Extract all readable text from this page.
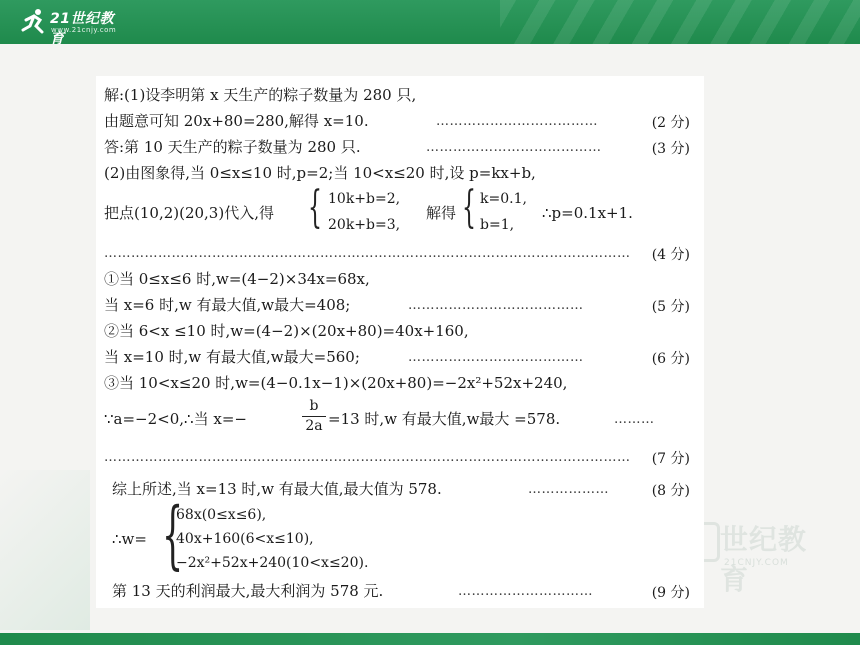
21世纪教育
www.21cnjy.com
世纪教育
21CNJY.COM
解:(1)设李明第 x 天生产的粽子数量为 280 只,
由题意可知 20x+80=280,解得 x=10.	………………………………	(2 分)
答:第 10 天生产的粽子数量为 280 只.	…………………………………	(3 分)
(2)由图象得,当 0≤x≤10 时,p=2;当 10<x≤20 时,设 p=kx+b,
把点(10,2)(20,3)代入,得 { 10k+b=2,
20k+b=3,
解得 { k=0.1,
b=1,
∴p=0.1x+1.
……………………………………………………………………………………………………… (4 分)
①当 0≤x≤6 时,w=(4−2)×34x=68x,
当 x=6 时,w 有最大值,w最大=408;	…………………………………	(5 分)
②当 6<x ≤10 时,w=(4−2)×(20x+80)=40x+160,
当 x=10 时,w 有最大值,w最大=560;	…………………………………	(6 分)
③当 10<x≤20 时,w=(4−0.1x−1)×(20x+80)=−2x²+52x+240,
∵a=−2<0,∴当 x=−	$\frac{b}{2a} =13$ 时,w 有最大值,w最大 =578.	………
……………………………………………………………………………………………………… (7 分)
综上所述,当 x=13 时,w 有最大值,最大值为 578.	………………	(8 分)
∴w= {
68x(0≤x≤6),
40x+160(6<x≤10),
−2x²+52x+240(10<x≤20).
第 13 天的利润最大,最大利润为 578 元.	…………………………	(9 分)
